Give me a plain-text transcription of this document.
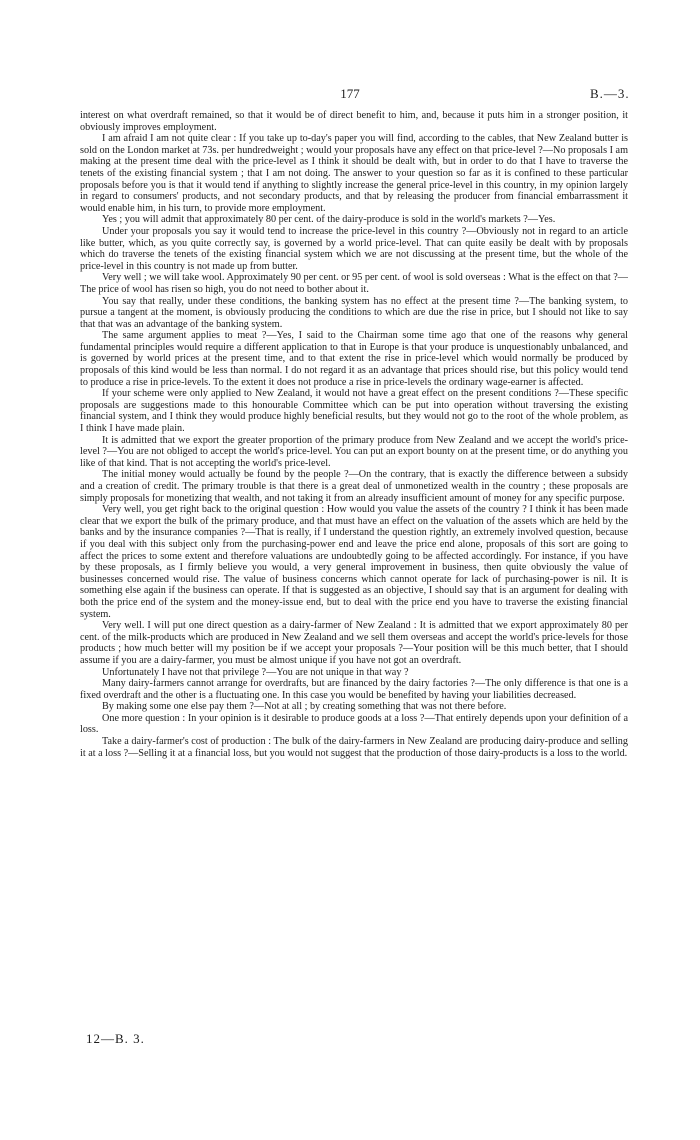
177	B.—3.

interest on what overdraft remained, so that it would be of direct benefit to him, and, because it puts him in a stronger position, it obviously improves employment.

I am afraid I am not quite clear : If you take up to-day's paper you will find, according to the cables, that New Zealand butter is sold on the London market at 73s. per hundredweight ; would your proposals have any effect on that price-level ?—No proposals I am making at the present time deal with the price-level as I think it should be dealt with, but in order to do that I have to traverse the tenets of the existing financial system ; that I am not doing. The answer to your question so far as it is confined to these particular proposals before you is that it would tend if anything to slightly increase the general price-level in this country, in my opinion largely in regard to consumers' products, and not secondary products, and that by releasing the producer from financial embarrassment it would enable him, in his turn, to provide more employment.

Yes ; you will admit that approximately 80 per cent. of the dairy-produce is sold in the world's markets ?—Yes.

Under your proposals you say it would tend to increase the price-level in this country ?—Obviously not in regard to an article like butter, which, as you quite correctly say, is governed by a world price-level. That can quite easily be dealt with by proposals which do traverse the tenets of the existing financial system which we are not discussing at the present time, but the whole of the price-level in this country is not made up from butter.

Very well ; we will take wool. Approximately 90 per cent. or 95 per cent. of wool is sold overseas : What is the effect on that ?—The price of wool has risen so high, you do not need to bother about it.

You say that really, under these conditions, the banking system has no effect at the present time ?—The banking system, to pursue a tangent at the moment, is obviously producing the conditions to which are due the rise in price, but I should not like to say that that was an advantage of the banking system.

The same argument applies to meat ?—Yes, I said to the Chairman some time ago that one of the reasons why general fundamental principles would require a different application to that in Europe is that your produce is unquestionably unbalanced, and is governed by world prices at the present time, and to that extent the rise in price-level which would normally be produced by proposals of this kind would be less than normal. I do not regard it as an advantage that prices should rise, but this policy would tend to produce a rise in price-levels. To the extent it does not produce a rise in price-levels the ordinary wage-earner is affected.

If your scheme were only applied to New Zealand, it would not have a great effect on the present conditions ?—These specific proposals are suggestions made to this honourable Committee which can be put into operation without traversing the existing financial system, and I think they would produce highly beneficial results, but they would not go to the root of the whole problem, as I think I have made plain.

It is admitted that we export the greater proportion of the primary produce from New Zealand and we accept the world's price-level ?—You are not obliged to accept the world's price-level. You can put an export bounty on at the present time, or do anything you like of that kind. That is not accepting the world's price-level.

The initial money would actually be found by the people ?—On the contrary, that is exactly the difference between a subsidy and a creation of credit. The primary trouble is that there is a great deal of unmonetized wealth in the country ; these proposals are simply proposals for monetizing that wealth, and not taking it from an already insufficient amount of money for any specific purpose.

Very well, you get right back to the original question : How would you value the assets of the country ? I think it has been made clear that we export the bulk of the primary produce, and that must have an effect on the valuation of the assets which are held by the banks and by the insurance companies ?—That is really, if I understand the question rightly, an extremely involved question, because if you deal with this subject only from the purchasing-power end and leave the price end alone, proposals of this sort are going to affect the prices to some extent and therefore valuations are undoubtedly going to be affected accordingly. For instance, if you have by these proposals, as I firmly believe you would, a very general improvement in business, then quite obviously the value of businesses concerned would rise. The value of business concerns which cannot operate for lack of purchasing-power is nil. It is something else again if the business can operate. If that is suggested as an objective, I should say that is an argument for dealing with both the price end of the system and the money-issue end, but to deal with the price end you have to traverse the existing financial system.

Very well. I will put one direct question as a dairy-farmer of New Zealand : It is admitted that we export approximately 80 per cent. of the milk-products which are produced in New Zealand and we sell them overseas and accept the world's price-levels for those products ; how much better will my position be if we accept your proposals ?—Your position will be this much better, that I should assume if you are a dairy-farmer, you must be almost unique if you have not got an overdraft.

Unfortunately I have not that privilege ?—You are not unique in that way ?

Many dairy-farmers cannot arrange for overdrafts, but are financed by the dairy factories ?—The only difference is that one is a fixed overdraft and the other is a fluctuating one. In this case you would be benefited by having your liabilities decreased.

By making some one else pay them ?—Not at all ; by creating something that was not there before.

One more question : In your opinion is it desirable to produce goods at a loss ?—That entirely depends upon your definition of a loss.

Take a dairy-farmer's cost of production : The bulk of the dairy-farmers in New Zealand are producing dairy-produce and selling it at a loss ?—Selling it at a financial loss, but you would not suggest that the production of those dairy-products is a loss to the world.

12—B. 3.
